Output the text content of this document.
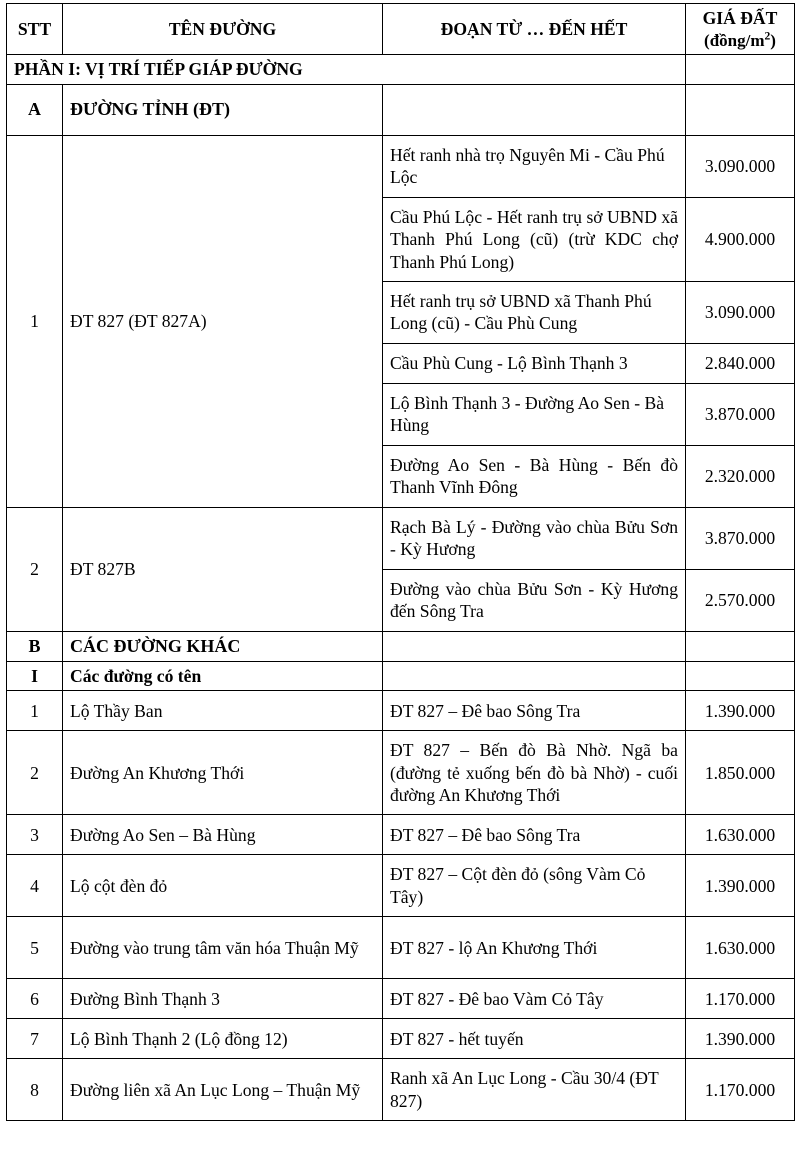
STT	TÊN ĐƯỜNG	ĐOẠN TỪ … ĐẾN HẾT	GIÁ ĐẤT
$(đồng/m^2)$

PHẦN I: VỊ TRÍ TIẾP GIÁP ĐƯỜNG			
A	ĐƯỜNG TỈNH (ĐT)		
1	ĐT 827 (ĐT 827A)	Hết ranh nhà trọ Nguyên Mi - Cầu Phú Lộc	3.090.000
		Cầu Phú Lộc - Hết ranh trụ sở UBND xã Thanh Phú Long (cũ) (trừ KDC chợ Thanh Phú Long)	4.900.000
		Hết ranh trụ sở UBND xã Thanh Phú Long (cũ) - Cầu Phù Cung	3.090.000
		Cầu Phù Cung - Lộ Bình Thạnh 3	2.840.000
		Lộ Bình Thạnh 3 - Đường Ao Sen - Bà Hùng	3.870.000
		Đường Ao Sen - Bà Hùng - Bến đò Thanh Vĩnh Đông	2.320.000
2	ĐT 827B	Rạch Bà Lý - Đường vào chùa Bửu Sơn - Kỳ Hương	3.870.000
		Đường vào chùa Bửu Sơn - Kỳ Hương đến Sông Tra	2.570.000
B	CÁC ĐƯỜNG KHÁC		
I	Các đường có tên		
1	Lộ Thầy Ban	ĐT 827 – Đê bao Sông Tra	1.390.000
2	Đường An Khương Thới	ĐT 827 – Bến đò Bà Nhờ. Ngã ba (đường tẻ xuống bến đò bà Nhờ) - cuối đường An Khương Thới	1.850.000
3	Đường Ao Sen – Bà Hùng	ĐT 827 – Đê bao Sông Tra	1.630.000
4	Lộ cột đèn đỏ	ĐT 827 – Cột đèn đỏ (sông Vàm Cỏ Tây)	1.390.000
5	Đường vào trung tâm văn hóa Thuận Mỹ	ĐT 827 - lộ An Khương Thới	1.630.000
6	Đường Bình Thạnh 3	ĐT 827 - Đê bao Vàm Cỏ Tây	1.170.000
7	Lộ Bình Thạnh 2 (Lộ đồng 12)	ĐT 827 - hết tuyến	1.390.000
8	Đường liên xã An Lục Long – Thuận Mỹ	Ranh xã An Lục Long - Cầu 30/4 (ĐT 827)	1.170.000
